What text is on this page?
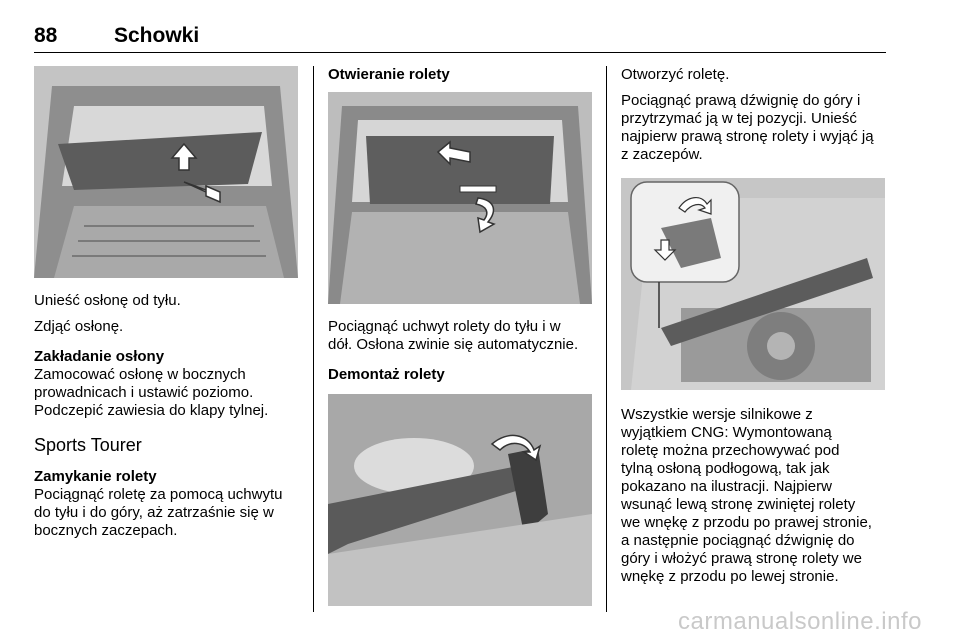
88	Schowki

Unieść osłonę od tyłu.

Zdjąć osłonę.

Zakładanie osłony

Zamocować osłonę w bocznych

prowadnicach i ustawić poziomo.

Podczepić zawiesia do klapy tylnej.

Sports Tourer

Zamykanie rolety

Pociągnąć roletę za pomocą uchwytu

do tyłu i do góry, aż zatrzaśnie się w

bocznych zaczepach.

Otwieranie rolety

Pociągnąć uchwyt rolety do tyłu i w

dół. Osłona zwinie się automatycznie.

Demontaż rolety

Otworzyć roletę.

Pociągnąć prawą dźwignię do góry i

przytrzymać ją w tej pozycji. Unieść

najpierw prawą stronę rolety i wyjąć ją

z zaczepów.

Wszystkie wersje silnikowe z

wyjątkiem CNG: Wymontowaną

roletę można przechowywać pod

tylną osłoną podłogową, tak jak

pokazano na ilustracji. Najpierw

wsunąć lewą stronę zwiniętej rolety

we wnękę z przodu po prawej stronie,

a następnie pociągnąć dźwignię do

góry i włożyć prawą stronę rolety we

wnękę z przodu po lewej stronie.

carmanualsonline.info
